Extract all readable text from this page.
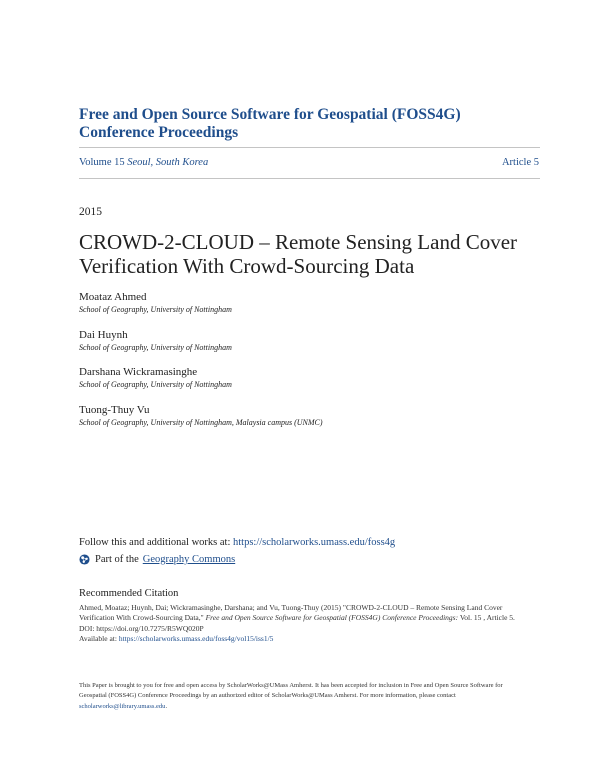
Free and Open Source Software for Geospatial (FOSS4G) Conference Proceedings
Volume 15 Seoul, South Korea	Article 5
2015
CROWD-2-CLOUD – Remote Sensing Land Cover Verification With Crowd-Sourcing Data
Moataz Ahmed
School of Geography, University of Nottingham
Dai Huynh
School of Geography, University of Nottingham
Darshana Wickramasinghe
School of Geography, University of Nottingham
Tuong-Thuy Vu
School of Geography, University of Nottingham, Malaysia campus (UNMC)
Follow this and additional works at: https://scholarworks.umass.edu/foss4g
Part of the Geography Commons
Recommended Citation
Ahmed, Moataz; Huynh, Dai; Wickramasinghe, Darshana; and Vu, Tuong-Thuy (2015) "CROWD-2-CLOUD – Remote Sensing Land Cover Verification With Crowd-Sourcing Data," Free and Open Source Software for Geospatial (FOSS4G) Conference Proceedings: Vol. 15 , Article 5.
DOI: https://doi.org/10.7275/R5WQ020P
Available at: https://scholarworks.umass.edu/foss4g/vol15/iss1/5
This Paper is brought to you for free and open access by ScholarWorks@UMass Amherst. It has been accepted for inclusion in Free and Open Source Software for Geospatial (FOSS4G) Conference Proceedings by an authorized editor of ScholarWorks@UMass Amherst. For more information, please contact scholarworks@library.umass.edu.
